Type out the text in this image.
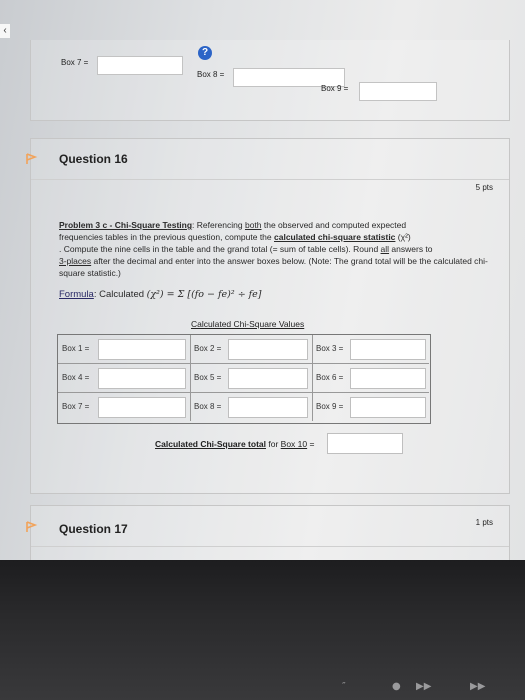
‹
Box 7 =
Box 8 =
Box 9 =
?
Question 16
5 pts
Problem 3 c - Chi-Square Testing: Referencing both the observed and computed expected
frequencies tables in the previous question, compute the calculated chi-square statistic (χ²)
. Compute the nine cells in the table and the grand total (= sum of table cells). Round all answers to
3-places after the decimal and enter into the answer boxes below. (Note: The grand total will be the calculated chi-square statistic.)
Formula: Calculated (χ²) = Σ [(fo − fe)² ÷ fe]
Calculated Chi-Square Values
Box 1 =	Box 2 =	Box 3 =
Box 4 =	Box 5 =	Box 6 =
Box 7 =	Box 8 =	Box 9 =
Calculated Chi-Square total for Box 10 =
Question 17	1 pts
″	● ▶▶	▶▶
